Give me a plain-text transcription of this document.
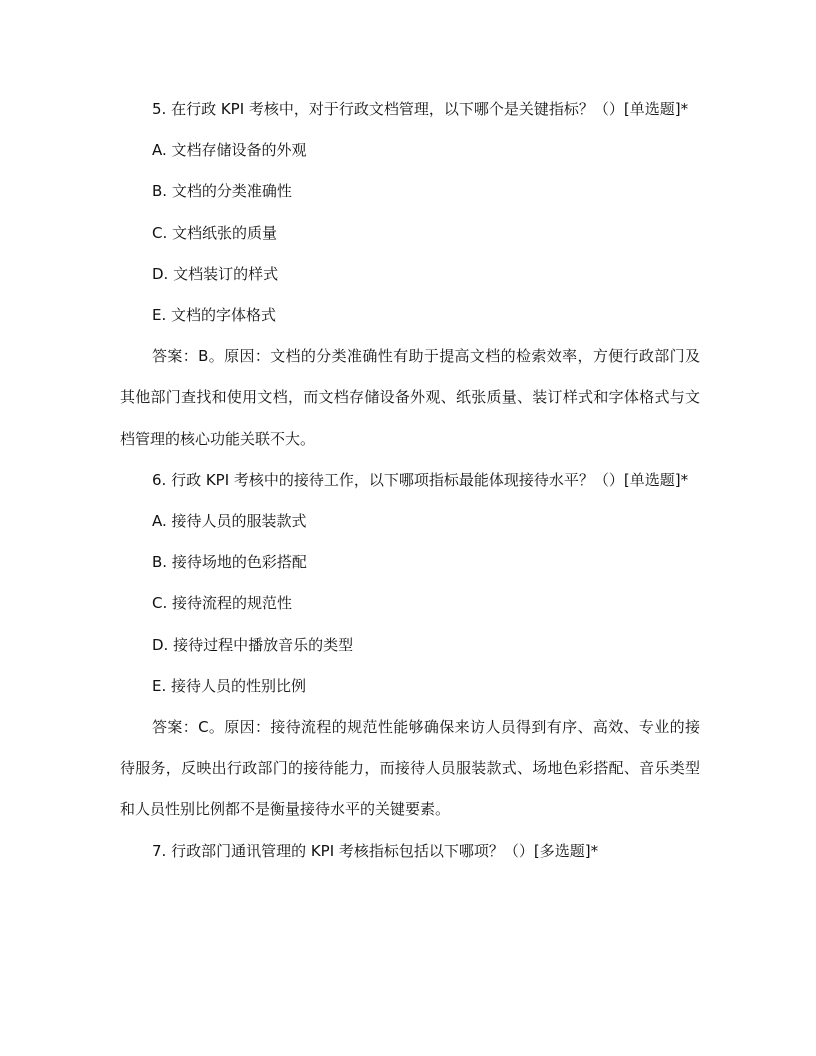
5. 在行政 KPI 考核中，对于行政文档管理，以下哪个是关键指标？（）[单选题]*

A. 文档存储设备的外观

B. 文档的分类准确性

C. 文档纸张的质量

D. 文档装订的样式

E. 文档的字体格式

答案：B。原因：文档的分类准确性有助于提高文档的检索效率，方便行政部门及其他部门查找和使用文档，而文档存储设备外观、纸张质量、装订样式和字体格式与文档管理的核心功能关联不大。

6. 行政 KPI 考核中的接待工作，以下哪项指标最能体现接待水平？（）[单选题]*

A. 接待人员的服装款式

B. 接待场地的色彩搭配

C. 接待流程的规范性

D. 接待过程中播放音乐的类型

E. 接待人员的性别比例

答案：C。原因：接待流程的规范性能够确保来访人员得到有序、高效、专业的接待服务，反映出行政部门的接待能力，而接待人员服装款式、场地色彩搭配、音乐类型和人员性别比例都不是衡量接待水平的关键要素。

7. 行政部门通讯管理的 KPI 考核指标包括以下哪项？（）[多选题]*
